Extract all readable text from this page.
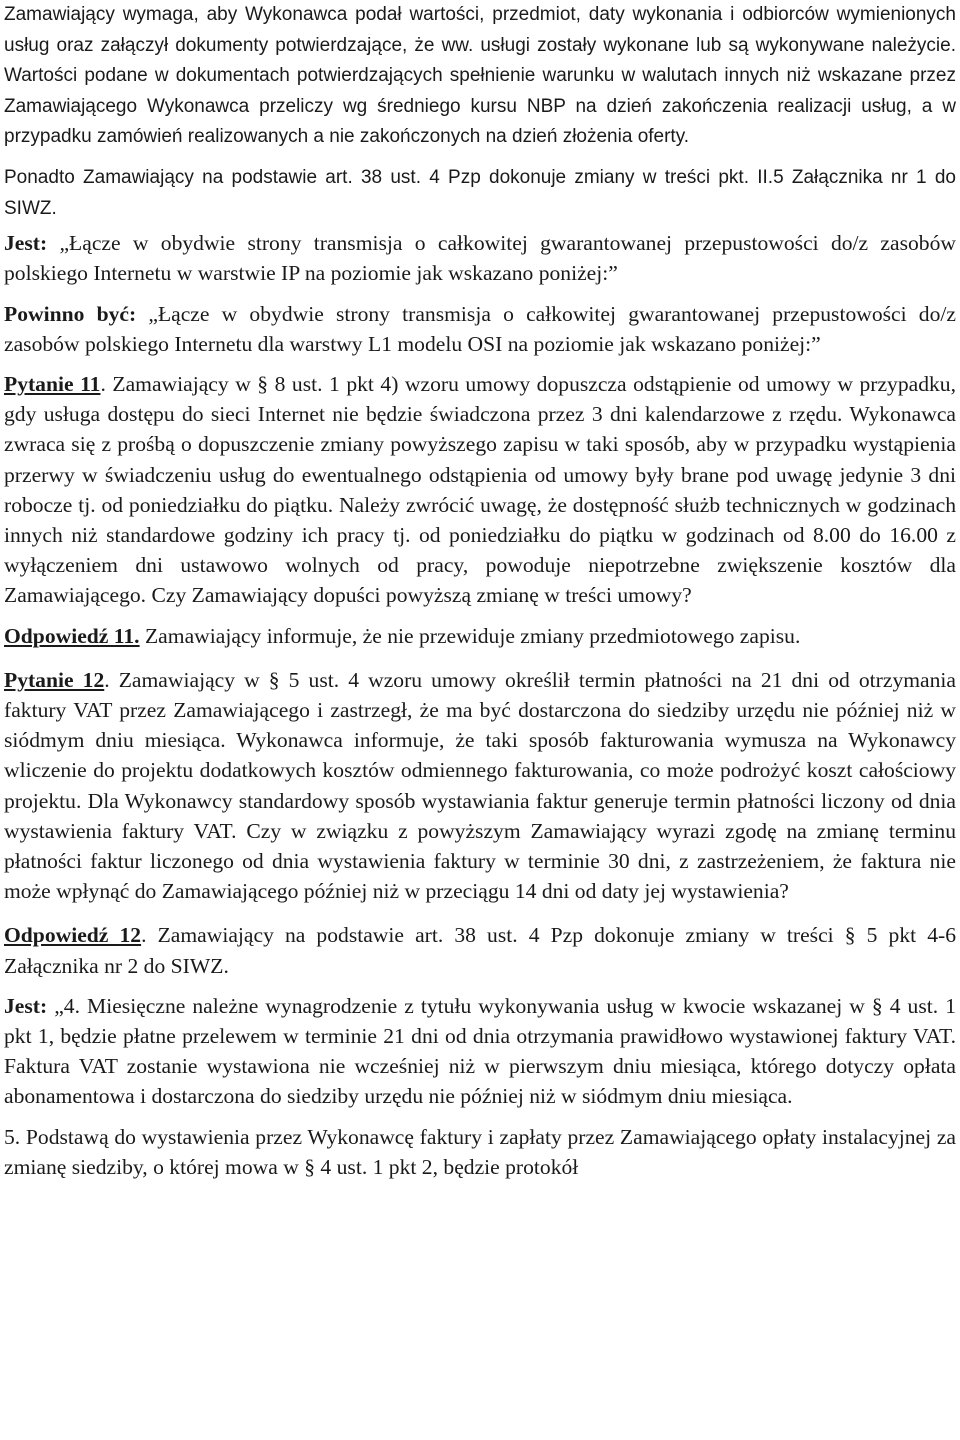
Zamawiający wymaga, aby Wykonawca podał wartości, przedmiot, daty wykonania i odbiorców wymienionych usług oraz załączył dokumenty potwierdzające, że ww. usługi zostały wykonane lub są wykonywane należycie. Wartości podane w dokumentach potwierdzających spełnienie warunku w walutach innych niż wskazane przez Zamawiającego Wykonawca przeliczy wg średniego kursu NBP na dzień zakończenia realizacji usług, a w przypadku zamówień realizowanych a nie zakończonych na dzień złożenia oferty.

Ponadto Zamawiający na podstawie art. 38 ust. 4 Pzp dokonuje zmiany w treści pkt. II.5 Załącznika nr 1 do SIWZ.

Jest: „Łącze w obydwie strony transmisja o całkowitej gwarantowanej przepustowości do/z zasobów polskiego Internetu w warstwie IP na poziomie jak wskazano poniżej:”

Powinno być: „Łącze w obydwie strony transmisja o całkowitej gwarantowanej przepustowości do/z zasobów polskiego Internetu dla warstwy L1 modelu OSI na poziomie jak wskazano poniżej:”

Pytanie 11. Zamawiający w § 8 ust. 1 pkt 4) wzoru umowy dopuszcza odstąpienie od umowy w przypadku, gdy usługa dostępu do sieci Internet nie będzie świadczona przez 3 dni kalendarzowe z rzędu. Wykonawca zwraca się z prośbą o dopuszczenie zmiany powyższego zapisu w taki sposób, aby w przypadku wystąpienia przerwy w świadczeniu usług do ewentualnego odstąpienia od umowy były brane pod uwagę jedynie 3 dni robocze tj. od poniedziałku do piątku. Należy zwrócić uwagę, że dostępność służb technicznych w godzinach innych niż standardowe godziny ich pracy tj. od poniedziałku do piątku w godzinach od 8.00 do 16.00 z wyłączeniem dni ustawowo wolnych od pracy, powoduje niepotrzebne zwiększenie kosztów dla Zamawiającego. Czy Zamawiający dopuści powyższą zmianę w treści umowy?

Odpowiedź 11. Zamawiający informuje, że nie przewiduje zmiany przedmiotowego zapisu.

Pytanie 12. Zamawiający w § 5 ust. 4 wzoru umowy określił termin płatności na 21 dni od otrzymania faktury VAT przez Zamawiającego i zastrzegł, że ma być dostarczona do siedziby urzędu nie później niż w siódmym dniu miesiąca. Wykonawca informuje, że taki sposób fakturowania wymusza na Wykonawcy wliczenie do projektu dodatkowych kosztów odmiennego fakturowania, co może podrożyć koszt całościowy projektu. Dla Wykonawcy standardowy sposób wystawiania faktur generuje termin płatności liczony od dnia wystawienia faktury VAT. Czy w związku z powyższym Zamawiający wyrazi zgodę na zmianę terminu płatności faktur liczonego od dnia wystawienia faktury w terminie 30 dni, z zastrzeżeniem, że faktura nie może wpłynąć do Zamawiającego później niż w przeciągu 14 dni od daty jej wystawienia?

Odpowiedź 12. Zamawiający na podstawie art. 38 ust. 4 Pzp dokonuje zmiany w treści § 5 pkt 4-6 Załącznika nr 2 do SIWZ.

Jest: „4. Miesięczne należne wynagrodzenie z tytułu wykonywania usług w kwocie wskazanej w § 4 ust. 1 pkt 1, będzie płatne przelewem w terminie 21 dni od dnia otrzymania prawidłowo wystawionej faktury VAT. Faktura VAT zostanie wystawiona nie wcześniej niż w pierwszym dniu miesiąca, którego dotyczy opłata abonamentowa i dostarczona do siedziby urzędu nie później niż w siódmym dniu miesiąca.

5. Podstawą do wystawienia przez Wykonawcę faktury i zapłaty przez Zamawiającego opłaty instalacyjnej za zmianę siedziby, o której mowa w § 4 ust. 1 pkt 2, będzie protokół
